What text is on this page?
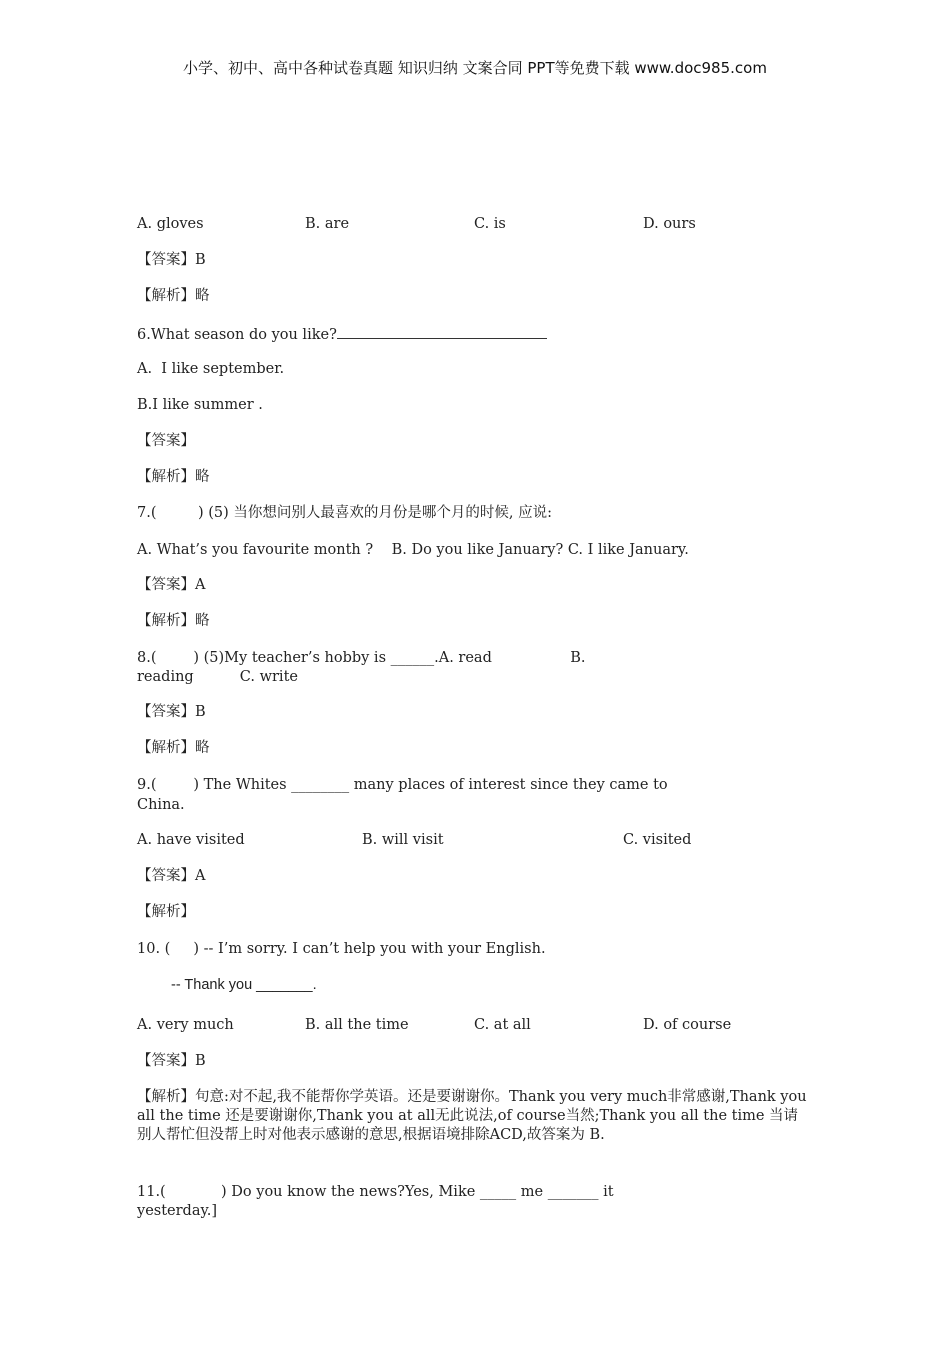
小学、初中、高中各种试卷真题 知识归纳 文案合同 PPT等免费下载 www.doc985.com
A. gloves	B. are	C. is	D. ours
【答案】B
【解析】略
6.What season do you like?
A.  I like september.
B.I like summer .
【答案】
【解析】略
7.(         ) (5) 当你想问别人最喜欢的月份是哪个月的时候, 应说:
A. What’s you favourite month ?    B. Do you like January? C. I like January.
【答案】A
【解析】略
8.(        ) (5)My teacher’s hobby is ______.A. read                 B.
reading          C. write
【答案】B
【解析】略
9.(        ) The Whites ________ many places of interest since they came to
China.
A. have visited	B. will visit	C. visited
【答案】A
【解析】
10. (     ) -- I’m sorry. I can’t help you with your English.
-- Thank you _______.
A. very much	B. all the time	C. at all	D. of course
【答案】B
【解析】句意:对不起,我不能帮你学英语。还是要谢谢你。Thank you very much非常感谢,Thank you all the time 还是要谢谢你,Thank you at all无此说法,of course当然;Thank you all the time 当请别人帮忙但没帮上时对他表示感谢的意思,根据语境排除ACD,故答案为 B.
11.(            ) Do you know the news?Yes, Mike _____ me _______ it
yesterday.]
